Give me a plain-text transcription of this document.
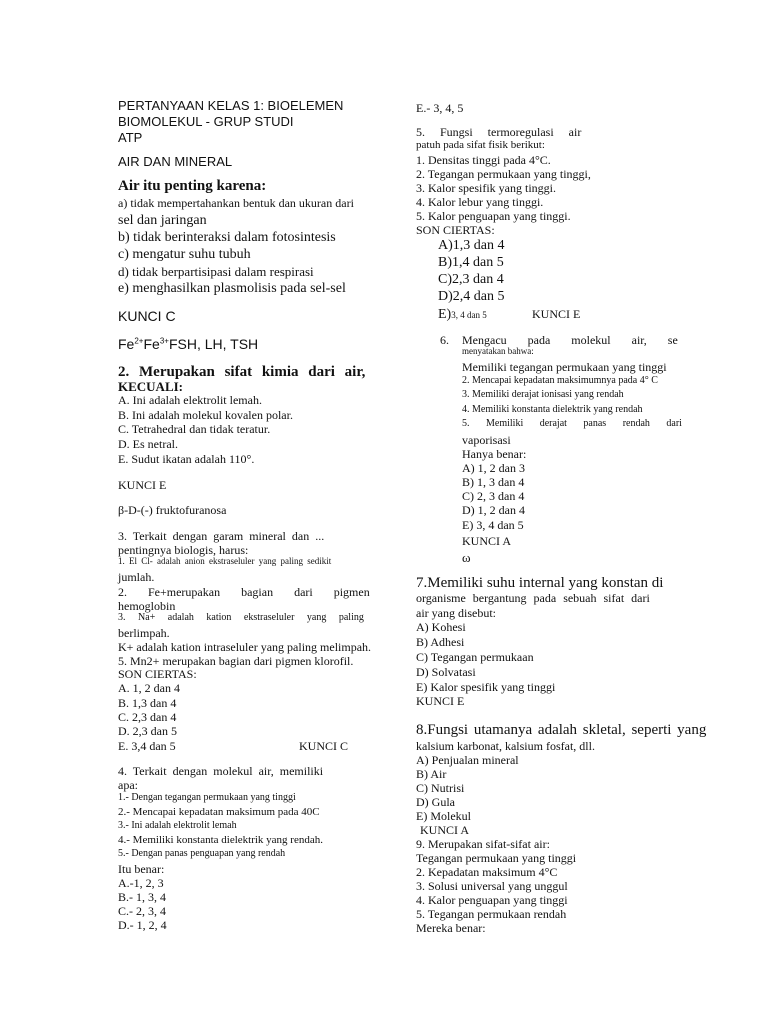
PERTANYAAN KELAS 1: BIOELEMEN
BIOMOLEKUL - GRUP STUDI
ATP
AIR DAN MINERAL
Air itu penting karena:
a) tidak mempertahankan bentuk dan ukuran dari
sel dan jaringan
b) tidak berinteraksi dalam fotosintesis
c) mengatur suhu tubuh
d) tidak berpartisipasi dalam respirasi
e) menghasilkan plasmolisis pada sel-sel
KUNCI C
$Fe^{2+}Fe^{3+}FSH$, LH, TSH
2. Merupakan sifat kimia dari air,
KECUALI:
A. Ini adalah elektrolit lemah.
B. Ini adalah molekul kovalen polar.
C. Tetrahedral dan tidak teratur.
D. Es netral.
E. Sudut ikatan adalah 110°.
KUNCI E
β-D-(-) fruktofuranosa
3. Terkait dengan garam mineral dan ...
pentingnya biologis, harus:
1. El Cl- adalah anion ekstraseluler yang paling sedikit
jumlah.
2. Fe+merupakan bagian dari pigmen
hemoglobin
3. Na+ adalah kation ekstraseluler yang paling
berlimpah.
K+ adalah kation intraseluler yang paling melimpah.
5. Mn2+ merupakan bagian dari pigmen klorofil.
SON CIERTAS:
A. 1, 2 dan 4
B. 1,3 dan 4
C. 2,3 dan 4
D. 2,3 dan 5
E. 3,4 dan 5	KUNCI C
4. Terkait dengan molekul air, memiliki
apa:
1.- Dengan tegangan permukaan yang tinggi
2.- Mencapai kepadatan maksimum pada 40C
3.- Ini adalah elektrolit lemah
4.- Memiliki konstanta dielektrik yang rendah.
5.- Dengan panas penguapan yang rendah
Itu benar:
A.-1, 2, 3
B.- 1, 3, 4
C.- 2, 3, 4
D.- 1, 2, 4
E.- 3, 4, 5
5. Fungsi termoregulasi air
patuh pada sifat fisik berikut:
1. Densitas tinggi pada 4°C.
2. Tegangan permukaan yang tinggi,
3. Kalor spesifik yang tinggi.
4. Kalor lebur yang tinggi.
5. Kalor penguapan yang tinggi.
SON CIERTAS:
A)1,3 dan 4
B)1,4 dan 5
C)2,3 dan 4
D)2,4 dan 5
E)3, 4 dan 5	KUNCI E
6. Mengacu pada molekul air, se
menyatakan bahwa:
Memiliki tegangan permukaan yang tinggi
2. Mencapai kepadatan maksimumnya pada 4° C
3. Memiliki derajat ionisasi yang rendah
4. Memiliki konstanta dielektrik yang rendah
5. Memiliki derajat panas rendah dari
vaporisasi
Hanya benar:
A) 1, 2 dan 3
B) 1, 3 dan 4
C) 2, 3 dan 4
D) 1, 2 dan 4
E) 3, 4 dan 5
KUNCI A
ω
7.Memiliki suhu internal yang konstan di
organisme bergantung pada sebuah sifat dari
air yang disebut:
A) Kohesi
B) Adhesi
C) Tegangan permukaan
D) Solvatasi
E) Kalor spesifik yang tinggi
KUNCI E
8.Fungsi utamanya adalah skletal, seperti yang
kalsium karbonat, kalsium fosfat, dll.
A) Penjualan mineral
B) Air
C) Nutrisi
D) Gula
E) Molekul
KUNCI A
9. Merupakan sifat-sifat air:
Tegangan permukaan yang tinggi
2. Kepadatan maksimum 4°C
3. Solusi universal yang unggul
4. Kalor penguapan yang tinggi
5. Tegangan permukaan rendah
Mereka benar:
